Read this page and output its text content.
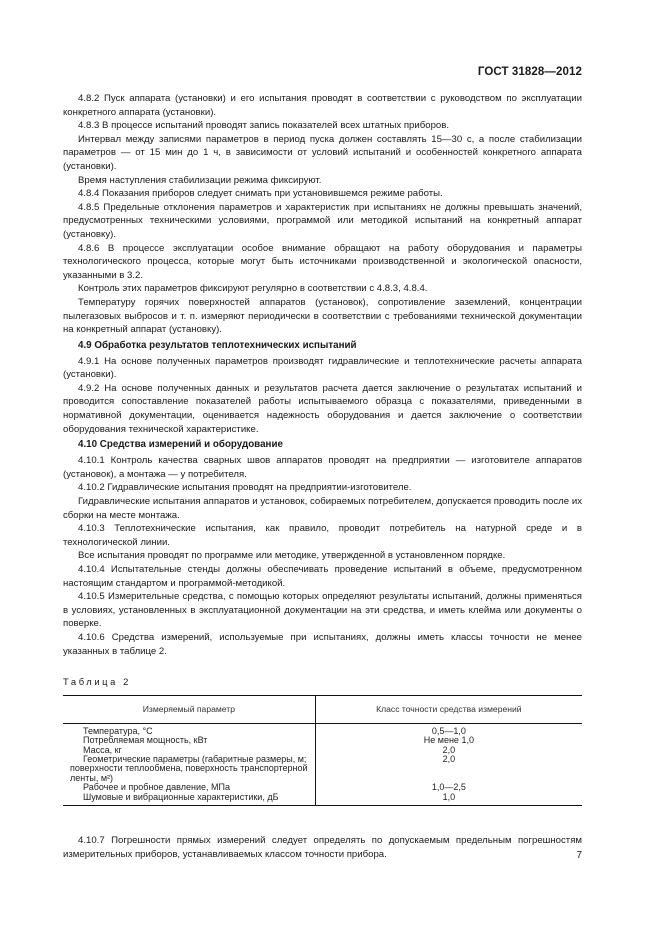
ГОСТ 31828—2012

4.8.2 Пуск аппарата (установки) и его испытания проводят в соответствии с руководством по эксплуатации конкретного аппарата (установки).

4.8.3 В процессе испытаний проводят запись показателей всех штатных приборов.

Интервал между записями параметров в период пуска должен составлять 15—30 с, а после стабилизации параметров — от 15 мин до 1 ч, в зависимости от условий испытаний и особенностей конкретного аппарата (установки).

Время наступления стабилизации режима фиксируют.

4.8.4 Показания приборов следует снимать при установившемся режиме работы.

4.8.5 Предельные отклонения параметров и характеристик при испытаниях не должны превышать значений, предусмотренных техническими условиями, программой или методикой испытаний на конкретный аппарат (установку).

4.8.6 В процессе эксплуатации особое внимание обращают на работу оборудования и параметры технологического процесса, которые могут быть источниками производственной и экологической опасности, указанными в 3.2.

Контроль этих параметров фиксируют регулярно в соответствии с 4.8.3, 4.8.4.

Температуру горячих поверхностей аппаратов (установок), сопротивление заземлений, концентрации пылегазовых выбросов и т. п. измеряют периодически в соответствии с требованиями технической документации на конкретный аппарат (установку).

4.9 Обработка результатов теплотехнических испытаний

4.9.1 На основе полученных параметров производят гидравлические и теплотехнические расчеты аппарата (установки).

4.9.2 На основе полученных данных и результатов расчета дается заключение о результатах испытаний и проводится сопоставление показателей работы испытываемого образца с показателями, приведенными в нормативной документации, оценивается надежность оборудования и дается заключение о соответствии оборудования технической характеристике.

4.10 Средства измерений и оборудование

4.10.1 Контроль качества сварных швов аппаратов проводят на предприятии — изготовителе аппаратов (установок), а монтажа — у потребителя.

4.10.2 Гидравлические испытания проводят на предприятии-изготовителе.

Гидравлические испытания аппаратов и установок, собираемых потребителем, допускается проводить после их сборки на месте монтажа.

4.10.3 Теплотехнические испытания, как правило, проводит потребитель на натурной среде и в технологической линии.

Все испытания проводят по программе или методике, утвержденной в установленном порядке.

4.10.4 Испытательные стенды должны обеспечивать проведение испытаний в объеме, предусмотренном настоящим стандартом и программой-методикой.

4.10.5 Измерительные средства, с помощью которых определяют результаты испытаний, должны применяться в условиях, установленных в эксплуатационной документации на эти средства, и иметь клейма или документы о поверке.

4.10.6 Средства измерений, используемые при испытаниях, должны иметь классы точности не менее указанных в таблице 2.

Таблица 2

Измеряемый параметр	Класс точности средства измерений
Температура, °С	0,5—1,0
Потребляемая мощность, кВт	Не мене 1,0
Масса, кг	2,0
Геометрические параметры (габаритные размеры, м; поверхности теплообмена, поверхность транспортерной ленты, м²)	2,0
Рабочее и пробное давление, МПа	1,0—2,5
Шумовые и вибрационные характеристики, дБ	1,0

4.10.7 Погрешности прямых измерений следует определять по допускаемым предельным погрешностям измерительных приборов, устанавливаемых классом точности прибора.	7
